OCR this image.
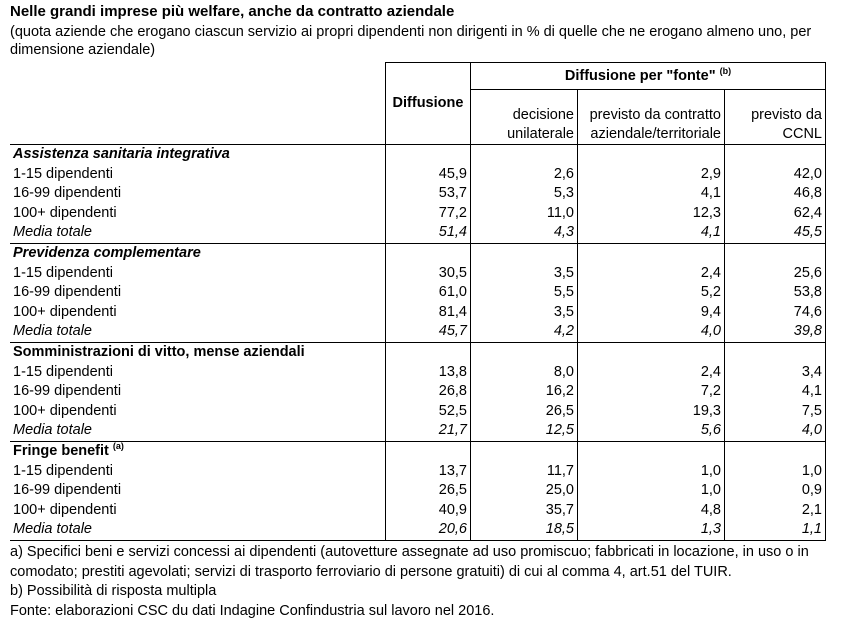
Nelle grandi imprese più welfare, anche da contratto aziendale
(quota aziende che erogano ciascun servizio ai propri dipendenti non dirigenti in % di quelle che ne erogano almeno uno, per dimensione aziendale)
	Diffusione	Diffusione per "fonte" $^{(b)}$
		decisione unilaterale	previsto da contratto aziendale/territoriale	previsto da CCNL
Assistenza sanitaria integrativa				
1-15 dipendenti	45,9	2,6	2,9	42,0
16-99 dipendenti	53,7	5,3	4,1	46,8
100+ dipendenti	77,2	11,0	12,3	62,4
Media totale	51,4	4,3	4,1	45,5
Previdenza complementare				
1-15 dipendenti	30,5	3,5	2,4	25,6
16-99 dipendenti	61,0	5,5	5,2	53,8
100+ dipendenti	81,4	3,5	9,4	74,6
Media totale	45,7	4,2	4,0	39,8
Somministrazioni di vitto, mense aziendali				
1-15 dipendenti	13,8	8,0	2,4	3,4
16-99 dipendenti	26,8	16,2	7,2	4,1
100+ dipendenti	52,5	26,5	19,3	7,5
Media totale	21,7	12,5	5,6	4,0
Fringe benefit $^{(a)}$				
1-15 dipendenti	13,7	11,7	1,0	1,0
16-99 dipendenti	26,5	25,0	1,0	0,9
100+ dipendenti	40,9	35,7	4,8	2,1
Media totale	20,6	18,5	1,3	1,1

a) Specifici beni e servizi concessi ai dipendenti (autovetture assegnate ad uso promiscuo; fabbricati in locazione, in uso o in comodato; prestiti agevolati; servizi di trasporto ferroviario di persone gratuiti) di cui al comma 4, art.51 del TUIR.

b) Possibilità di risposta multipla

Fonte: elaborazioni CSC du dati Indagine Confindustria sul lavoro nel 2016.
